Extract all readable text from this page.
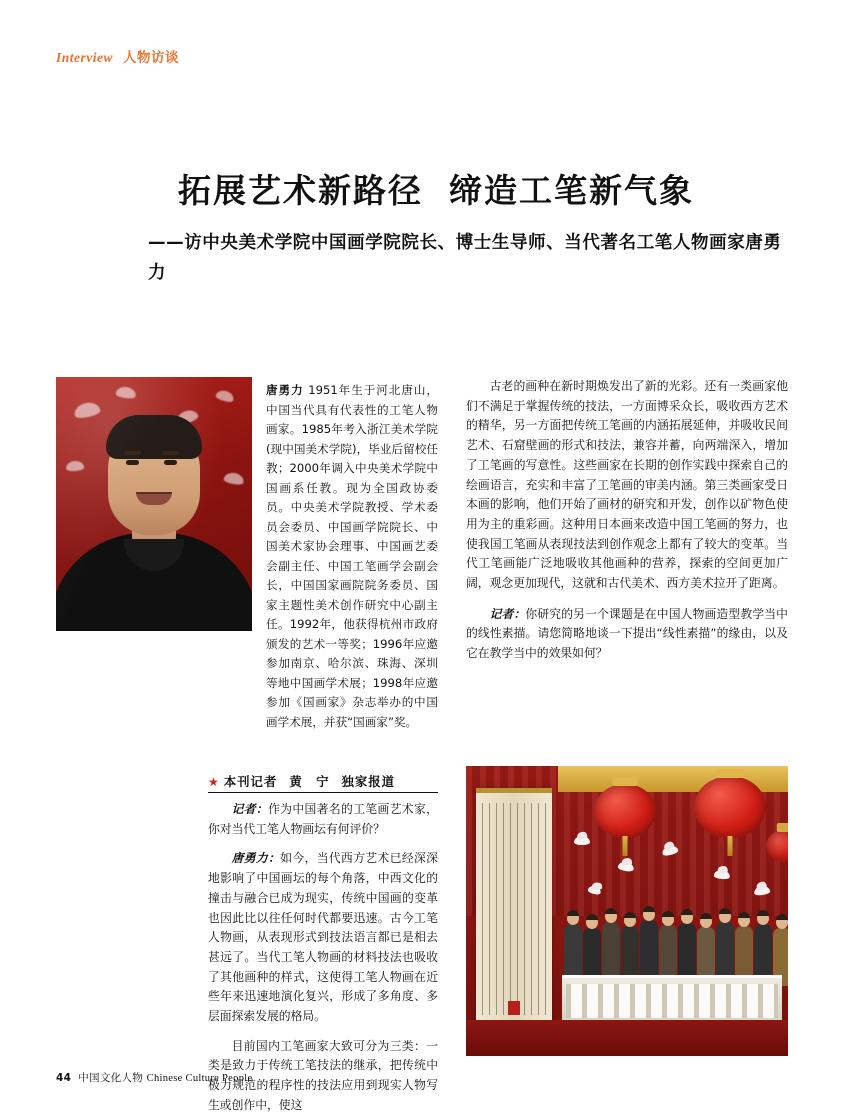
Interview 人物访谈
拓展艺术新路径 缔造工笔新气象
——访中央美术学院中国画学院院长、博士生导师、当代著名工笔人物画家唐勇力
唐勇力 1951年生于河北唐山，中国当代具有代表性的工笔人物画家。1985年考入浙江美术学院(现中国美术学院)，毕业后留校任教；2000年调入中央美术学院中国画系任教。现为全国政协委员。中央美术学院教授、学术委员会委员、中国画学院院长、中国美术家协会理事、中国画艺委会副主任、中国工笔画学会副会长，中国国家画院院务委员、国家主题性美术创作研究中心副主任。1992年，他获得杭州市政府颁发的艺术一等奖；1996年应邀参加南京、哈尔滨、珠海、深圳等地中国画学术展；1998年应邀参加《国画家》杂志举办的中国画学术展，并获“国画家”奖。

古老的画种在新时期焕发出了新的光彩。还有一类画家他们不满足于掌握传统的技法，一方面博采众长，吸收西方艺术的精华，另一方面把传统工笔画的内涵拓展延伸，并吸收民间艺术、石窟壁画的形式和技法，兼容并蓄，向两端深入，增加了工笔画的写意性。这些画家在长期的创作实践中探索自己的绘画语言，充实和丰富了工笔画的审美内涵。第三类画家受日本画的影响，他们开始了画材的研究和开发，创作以矿物色使用为主的重彩画。这种用日本画来改造中国工笔画的努力，也使我国工笔画从表现技法到创作观念上都有了较大的变革。当代工笔画能广泛地吸收其他画种的营养，探索的空间更加广阔，观念更加现代，这就和古代美术、西方美术拉开了距离。

记者：你研究的另一个课题是在中国人物画造型教学当中的线性素描。请您简略地谈一下提出“线性素描”的缘由，以及它在教学当中的效果如何？

★ 本刊记者 黄　宁 独家报道

记者：作为中国著名的工笔画艺术家，你对当代工笔人物画坛有何评价？

唐勇力：如今，当代西方艺术已经深深地影响了中国画坛的每个角落，中西文化的撞击与融合已成为现实，传统中国画的变革也因此比以往任何时代都要迅速。古今工笔人物画，从表现形式到技法语言都已是相去甚远了。当代工笔人物画的材料技法也吸收了其他画种的样式，这使得工笔人物画在近些年来迅速地演化复兴，形成了多角度、多层面探索发展的格局。

目前国内工笔画家大致可分为三类：一类是致力于传统工笔技法的继承，把传统中极力规范的程序性的技法应用到现实人物写生或创作中，使这

44 中国文化人物 Chinese Culture People
